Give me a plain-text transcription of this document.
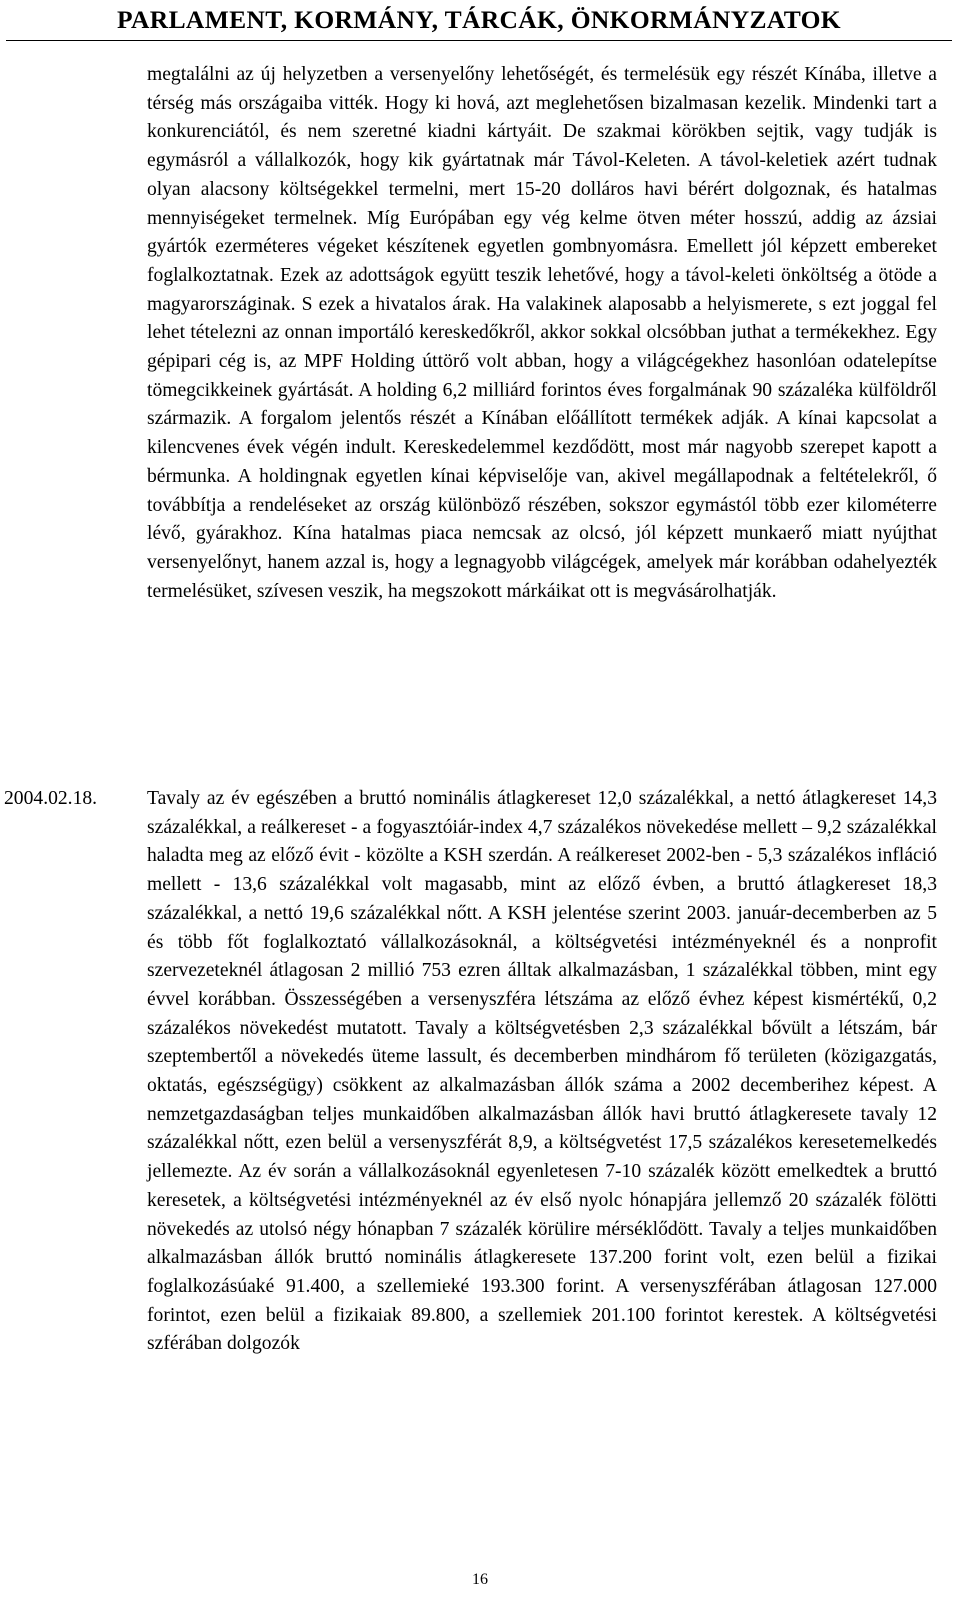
PARLAMENT, KORMÁNY, TÁRCÁK, ÖNKORMÁNYZATOK
megtalálni az új helyzetben a versenyelőny lehetőségét, és termelésük egy részét Kínába, illetve a térség más országaiba vitték. Hogy ki hová, azt meglehetősen bizalmasan kezelik. Mindenki tart a konkurenciától, és nem szeretné kiadni kártyáit. De szakmai körökben sejtik, vagy tudják is egymásról a vállalkozók, hogy kik gyártatnak már Távol-Keleten. A távol-keletiek azért tudnak olyan alacsony költségekkel termelni, mert 15-20 dolláros havi bérért dolgoznak, és hatalmas mennyiségeket termelnek. Míg Európában egy vég kelme ötven méter hosszú, addig az ázsiai gyártók ezerméteres végeket készítenek egyetlen gombnyomásra. Emellett jól képzett embereket foglalkoztatnak. Ezek az adottságok együtt teszik lehetővé, hogy a távol-keleti önköltség a ötöde a magyarországinak. S ezek a hivatalos árak. Ha valakinek alaposabb a helyismerete, s ezt joggal fel lehet tételezni az onnan importáló kereskedőkről, akkor sokkal olcsóbban juthat a termékekhez. Egy gépipari cég is, az MPF Holding úttörő volt abban, hogy a világcégekhez hasonlóan odatelepítse tömegcikkeinek gyártását. A holding 6,2 milliárd forintos éves forgalmának 90 százaléka külföldről származik. A forgalom jelentős részét a Kínában előállított termékek adják. A kínai kapcsolat a kilencvenes évek végén indult. Kereskedelemmel kezdődött, most már nagyobb szerepet kapott a bérmunka. A holdingnak egyetlen kínai képviselője van, akivel megállapodnak a feltételekről, ő továbbítja a rendeléseket az ország különböző részében, sokszor egymástól több ezer kilométerre lévő, gyárakhoz. Kína hatalmas piaca nemcsak az olcsó, jól képzett munkaerő miatt nyújthat versenyelőnyt, hanem azzal is, hogy a legnagyobb világcégek, amelyek már korábban odahelyezték termelésüket, szívesen veszik, ha megszokott márkáikat ott is megvásárolhatják.
2004.02.18.	Tavaly az év egészében a bruttó nominális átlagkereset 12,0 százalékkal, a nettó átlagkereset 14,3 százalékkal, a reálkereset - a fogyasztóiár-index 4,7 százalékos növekedése mellett – 9,2 százalékkal haladta meg az előző évit - közölte a KSH szerdán. A reálkereset 2002-ben - 5,3 százalékos infláció mellett - 13,6 százalékkal volt magasabb, mint az előző évben, a bruttó átlagkereset 18,3 százalékkal, a nettó 19,6 százalékkal nőtt. A KSH jelentése szerint 2003. január-decemberben az 5 és több főt foglalkoztató vállalkozásoknál, a költségvetési intézményeknél és a nonprofit szervezeteknél átlagosan 2 millió 753 ezren álltak alkalmazásban, 1 százalékkal többen, mint egy évvel korábban. Összességében a versenyszféra létszáma az előző évhez képest kismértékű, 0,2 százalékos növekedést mutatott. Tavaly a költségvetésben 2,3 százalékkal bővült a létszám, bár szeptembertől a növekedés üteme lassult, és decemberben mindhárom fő területen (közigazgatás, oktatás, egészségügy) csökkent az alkalmazásban állók száma a 2002 decemberihez képest. A nemzetgazdaságban teljes munkaidőben alkalmazásban állók havi bruttó átlagkeresete tavaly 12 százalékkal nőtt, ezen belül a versenyszférát 8,9, a költségvetést 17,5 százalékos keresetemelkedés jellemezte. Az év során a vállalkozásoknál egyenletesen 7-10 százalék között emelkedtek a bruttó keresetek, a költségvetési intézményeknél az év első nyolc hónapjára jellemző 20 százalék fölötti növekedés az utolsó négy hónapban 7 százalék körülire mérséklődött. Tavaly a teljes munkaidőben alkalmazásban állók bruttó nominális átlagkeresete 137.200 forint volt, ezen belül a fizikai foglalkozásúaké 91.400, a szellemieké 193.300 forint. A versenyszférában átlagosan 127.000 forintot, ezen belül a fizikaiak 89.800, a szellemiek 201.100 forintot kerestek. A költségvetési szférában dolgozók
16
